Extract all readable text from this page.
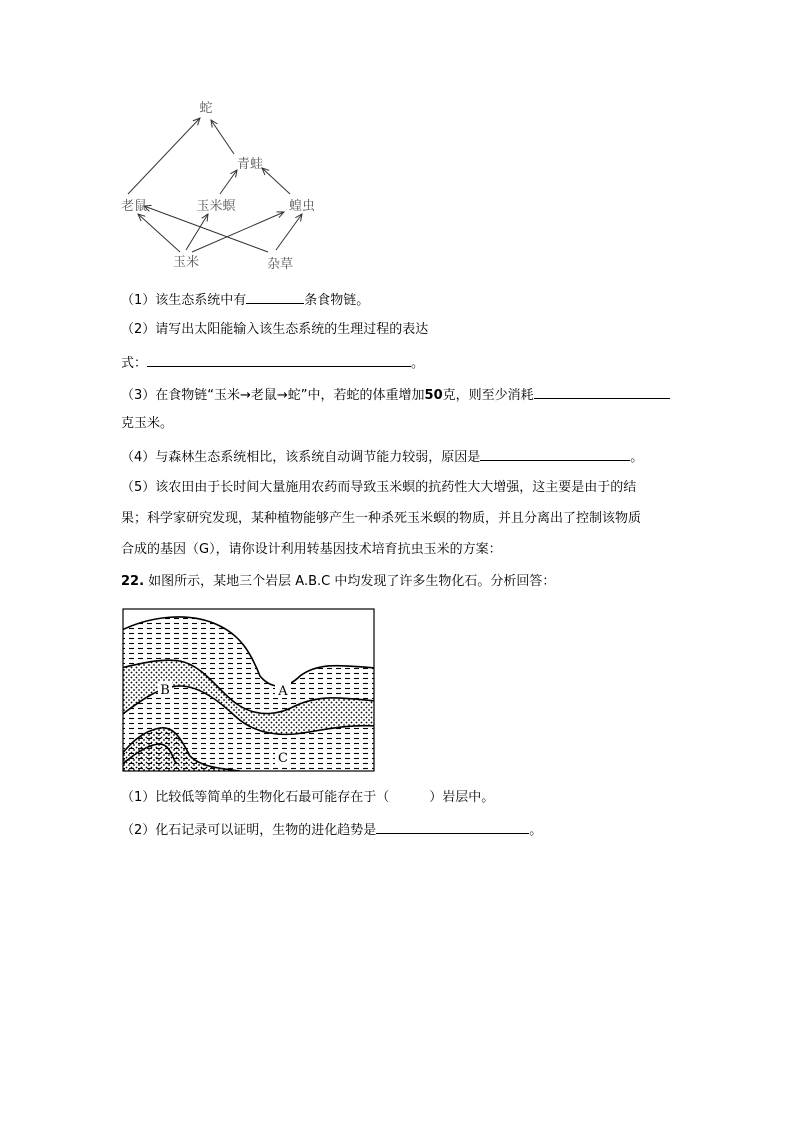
蛇
青蛙
老鼠	玉米螟	蝗虫
玉米	杂草
（1）该生态系统中有	条食物链。
（2）请写出太阳能输入该生态系统的生理过程的表达
式：	。
（3）在食物链“玉米→老鼠→蛇”中，若蛇的体重增加50克，则至少消耗
克玉米。
（4）与森林生态系统相比，该系统自动调节能力较弱，原因是	。
（5）该农田由于长时间大量施用农药而导致玉米螟的抗药性大大增强，这主要是由于的结
果；科学家研究发现，某种植物能够产生一种杀死玉米螟的物质，并且分离出了控制该物质
合成的基因（G），请你设计利用转基因技术培育抗虫玉米的方案：
22. 如图所示，某地三个岩层 A.B.C 中均发现了许多生物化石。分析回答：
A
B
C
（1）比较低等简单的生物化石最可能存在于（	）岩层中。
（2）化石记录可以证明，生物的进化趋势是	。
